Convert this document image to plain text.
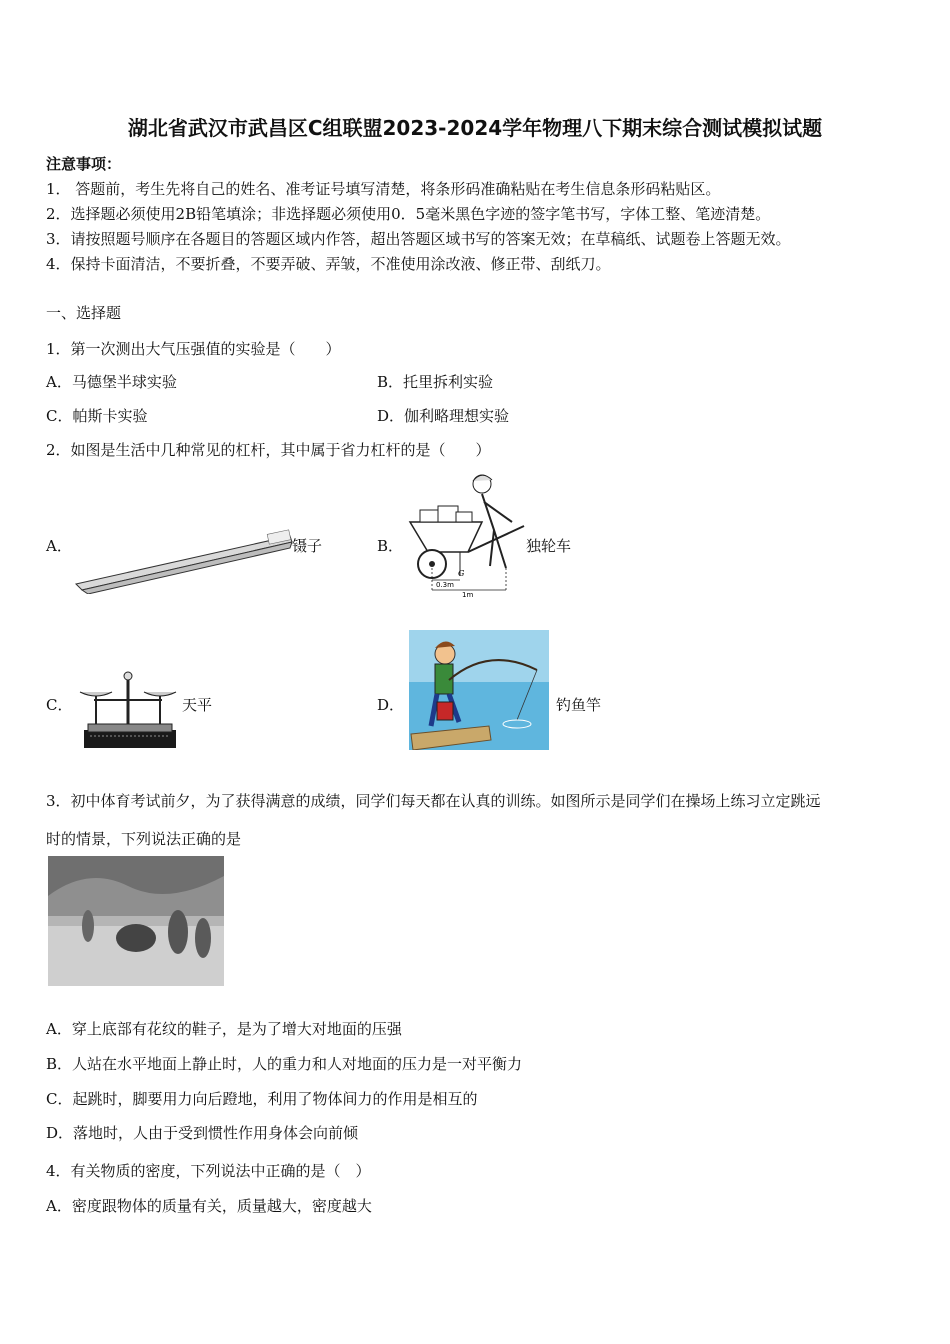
湖北省武汉市武昌区C组联盟2023-2024学年物理八下期末综合测试模拟试题
注意事项：
1． 答题前，考生先将自己的姓名、准考证号填写清楚，将条形码准确粘贴在考生信息条形码粘贴区。
2．选择题必须使用2B铅笔填涂；非选择题必须使用0．5毫米黑色字迹的签字笔书写，字体工整、笔迹清楚。
3．请按照题号顺序在各题目的答题区域内作答，超出答题区域书写的答案无效；在草稿纸、试题卷上答题无效。
4．保持卡面清洁，不要折叠，不要弄破、弄皱，不准使用涂改液、修正带、刮纸刀。
一、选择题
1．第一次测出大气压强值的实验是（　　）
A．马德堡半球实验	B．托里拆利实验
C．帕斯卡实验	D．伽利略理想实验
2．如图是生活中几种常见的杠杆，其中属于省力杠杆的是（　　）
A．	镊子	B．
G
0.3m
1m
独轮车
C．	天平	D．	钓鱼竿
3．初中体育考试前夕，为了获得满意的成绩，同学们每天都在认真的训练。如图所示是同学们在操场上练习立定跳远
时的情景，下列说法正确的是
A．穿上底部有花纹的鞋子，是为了增大对地面的压强
B．人站在水平地面上静止时，人的重力和人对地面的压力是一对平衡力
C．起跳时，脚要用力向后蹬地，利用了物体间力的作用是相互的
D．落地时，人由于受到惯性作用身体会向前倾
4．有关物质的密度，下列说法中正确的是（　）
A．密度跟物体的质量有关，质量越大，密度越大
